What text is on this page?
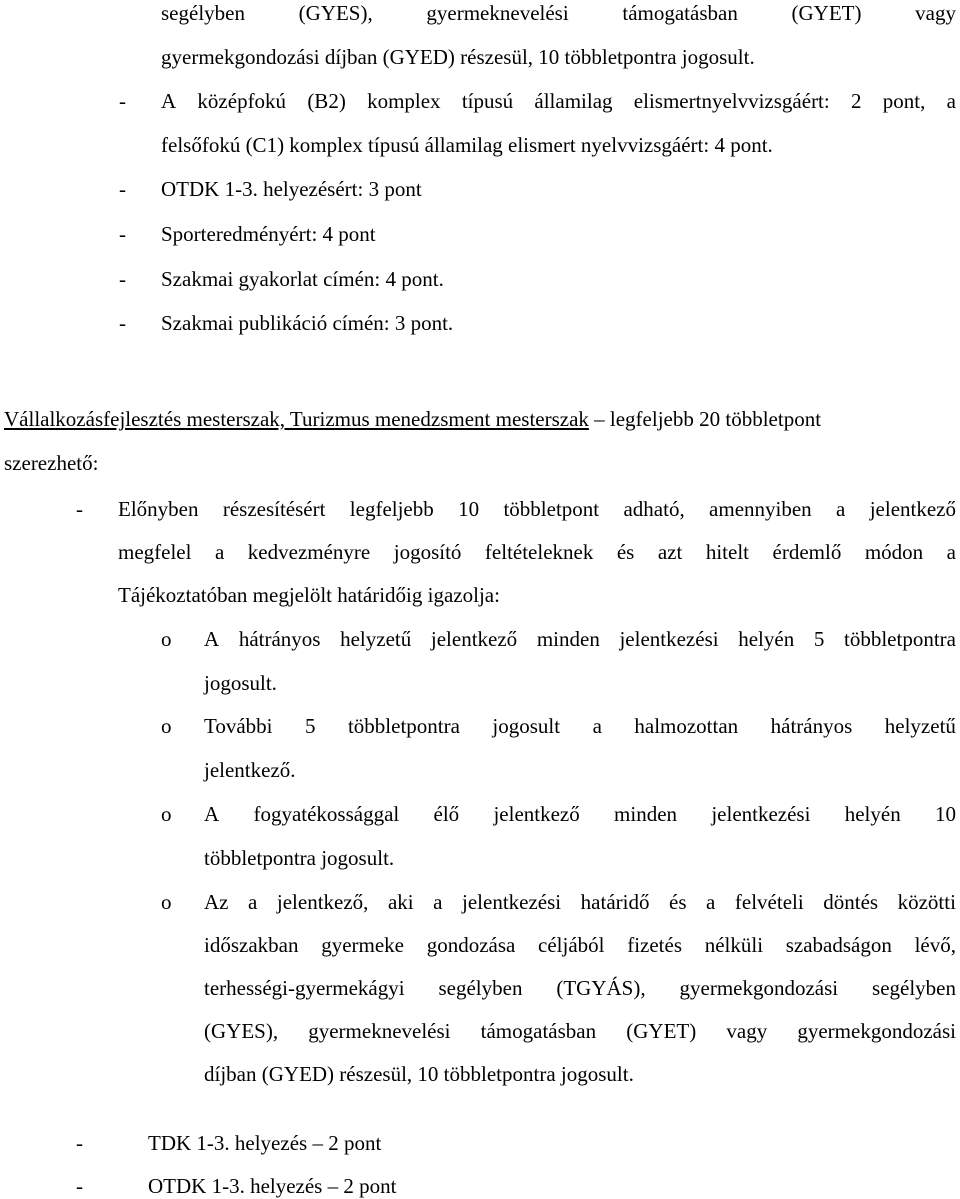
segélyben	(GYES),	gyermeknevelési	támogatásban	(GYET)	vagy
gyermekgondozási díjban (GYED) részesül, 10 többletpontra jogosult.
- A középfokú (B2) komplex típusú államilag elismertnyelvvizsgáért: 2 pont, a
felsőfokú (C1) komplex típusú államilag elismert nyelvvizsgáért: 4 pont.
- OTDK 1-3. helyezésért: 3 pont
- Sporteredményért: 4 pont
- Szakmai gyakorlat címén: 4 pont.
- Szakmai publikáció címén: 3 pont.
Vállalkozásfejlesztés mesterszak, Turizmus menedzsment mesterszak – legfeljebb 20 többletpont
szerezhető:
- Előnyben részesítésért legfeljebb 10 többletpont adható, amennyiben a jelentkező
megfelel a kedvezményre jogosító feltételeknek és azt hitelt érdemlő módon a
Tájékoztatóban megjelölt határidőig igazolja:
o A hátrányos helyzetű jelentkező minden jelentkezési helyén 5 többletpontra
jogosult.
o További 5 többletpontra jogosult a halmozottan hátrányos helyzetű
jelentkező.
o A fogyatékossággal élő jelentkező minden jelentkezési helyén 10
többletpontra jogosult.
o Az a jelentkező, aki a jelentkezési határidő és a felvételi döntés közötti
időszakban gyermeke gondozása céljából fizetés nélküli szabadságon lévő,
terhességi-gyermekágyi segélyben (TGYÁS), gyermekgondozási segélyben
(GYES), gyermeknevelési támogatásban (GYET) vagy gyermekgondozási
díjban (GYED) részesül, 10 többletpontra jogosult.
-	TDK 1-3. helyezés – 2 pont
-	OTDK 1-3. helyezés – 2 pont
